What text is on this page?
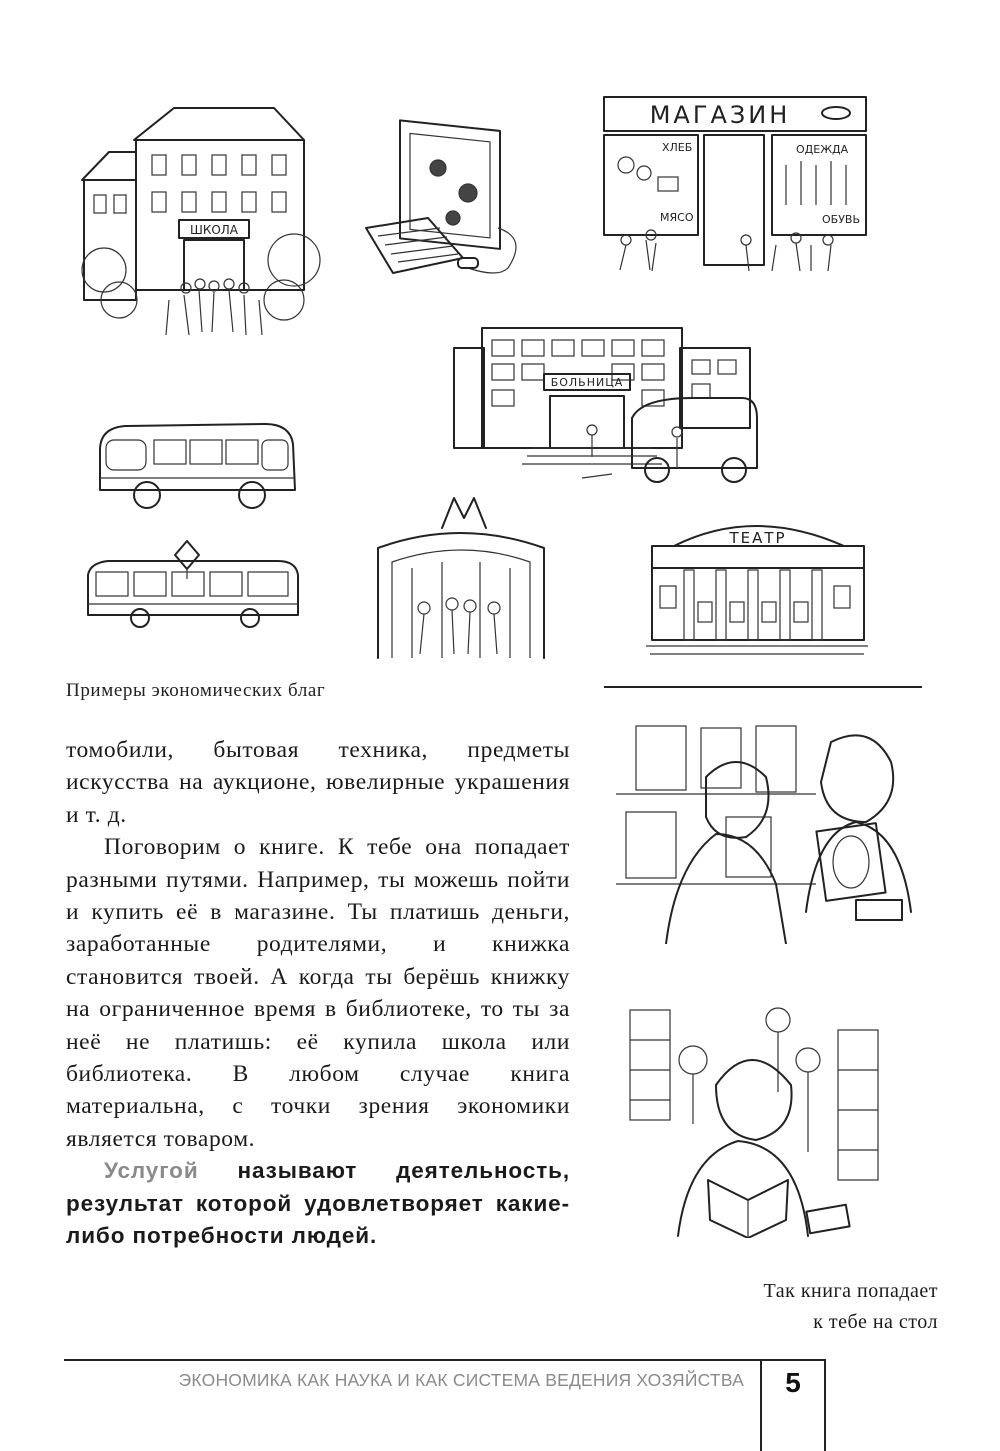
ШКОЛА
МАГАЗИН
ХЛЕБ	ОДЕЖДА
МЯСО	ОБУВЬ
БОЛЬНИЦА
ТЕАТР
Примеры экономических благ

томобили, бытовая техника, предметы искусства на аукционе, ювелирные украшения и т. д.

Поговорим о книге. К тебе она попадает разными путями. Например, ты можешь пойти и купить её в магазине. Ты платишь деньги, заработанные родителями, и книжка становится твоей. А когда ты берёшь книжку на ограниченное время в библиотеке, то ты за неё не платишь: её купила школа или библиотека. В любом случае книга материальна, с точки зрения экономики является товаром.

Услугой называют деятельность, результат которой удовлетворяет какие-либо потребности людей.

Так книга попадает
к тебе на стол
ЭКОНОМИКА КАК НАУКА И КАК СИСТЕМА ВЕДЕНИЯ ХОЗЯЙСТВА	5
